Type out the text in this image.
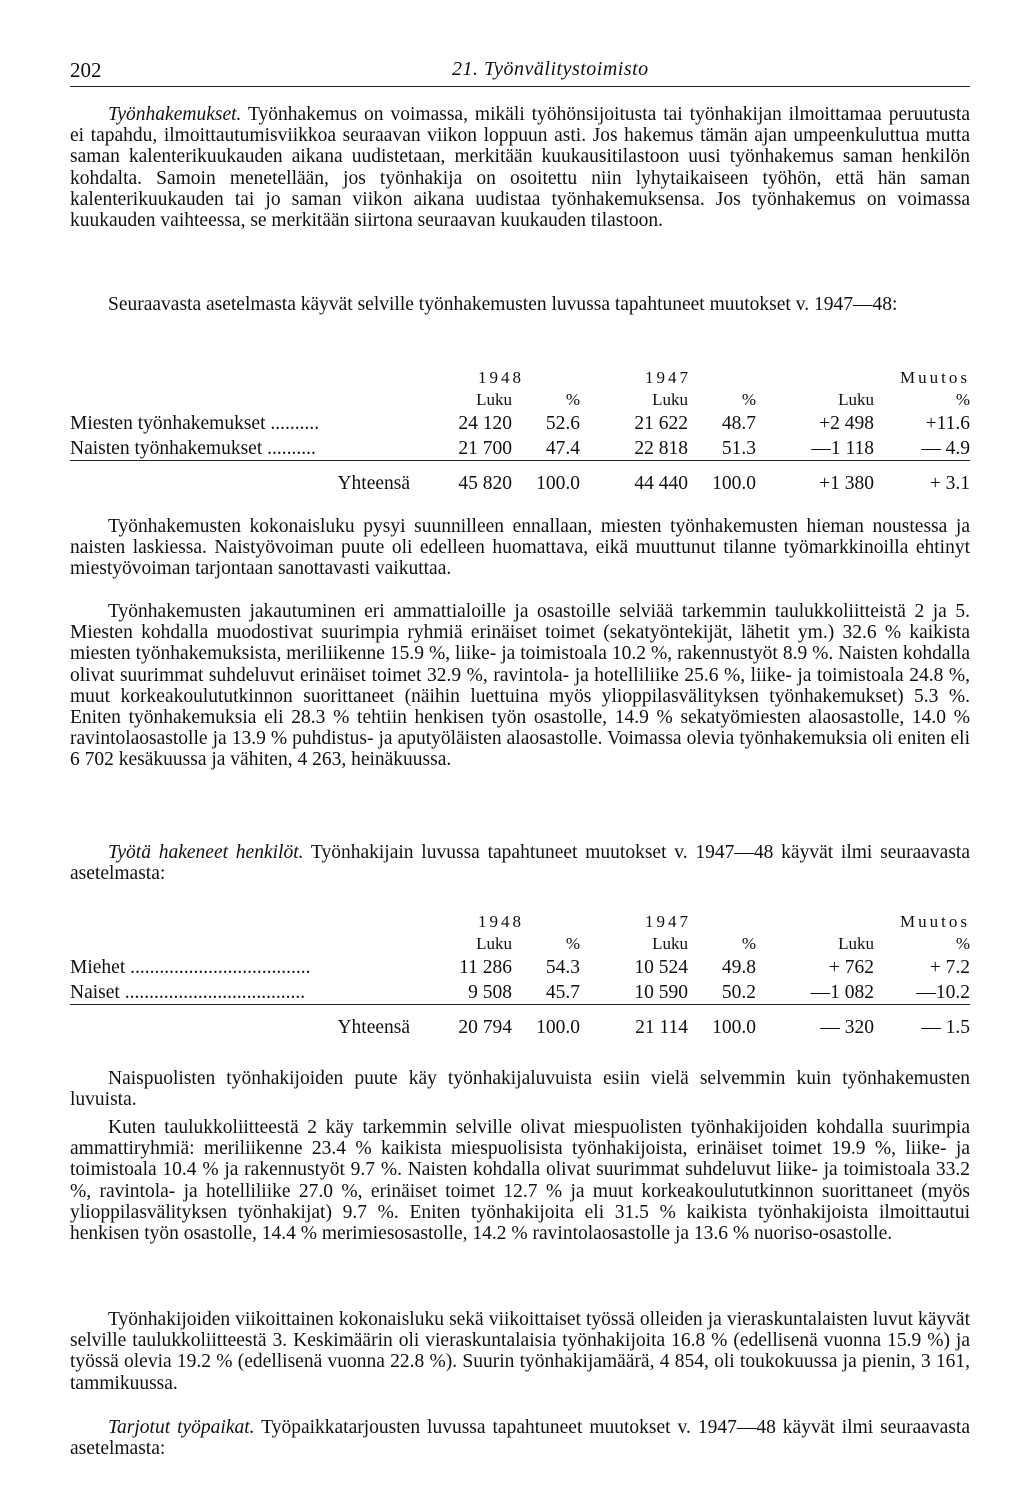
202	21. Työnvälitystoimisto

Työnhakemukset. Työnhakemus on voimassa, mikäli työhönsijoitusta tai työnhakijan ilmoittamaa peruutusta ei tapahdu, ilmoittautumisviikkoa seuraavan viikon loppuun asti. Jos hakemus tämän ajan umpeenkuluttua mutta saman kalenterikuukauden aikana uudistetaan, merkitään kuukausitilastoon uusi työnhakemus saman henkilön kohdalta. Samoin menetellään, jos työnhakija on osoitettu niin lyhytaikaiseen työhön, että hän saman kalenterikuukauden tai jo saman viikon aikana uudistaa työnhakemuksensa. Jos työnhakemus on voimassa kuukauden vaihteessa, se merkitään siirtona seuraavan kuukauden tilastoon.

Seuraavasta asetelmasta käyvät selville työnhakemusten luvussa tapahtuneet muutokset v. 1947—48:

	1948		1947		Muutos	
	Luku	%	Luku	%	Luku	%
Miesten työnhakemukset ..........	24 120	52.6	21 622	48.7	+2 498	+11.6
Naisten työnhakemukset ..........	21 700	47.4	22 818	51.3	—1 118	— 4.9
Yhteensä	45 820	100.0	44 440	100.0	+1 380	+ 3.1

Työnhakemusten kokonaisluku pysyi suunnilleen ennallaan, miesten työnhakemusten hieman noustessa ja naisten laskiessa. Naistyövoiman puute oli edelleen huomattava, eikä muuttunut tilanne työmarkkinoilla ehtinyt miestyövoiman tarjontaan sanottavasti vaikuttaa.

Työnhakemusten jakautuminen eri ammattialoille ja osastoille selviää tarkemmin taulukkoliitteistä 2 ja 5. Miesten kohdalla muodostivat suurimpia ryhmiä erinäiset toimet (sekatyöntekijät, lähetit ym.) 32.6 % kaikista miesten työnhakemuksista, meriliikenne 15.9 %, liike- ja toimistoala 10.2 %, rakennustyöt 8.9 %. Naisten kohdalla olivat suurimmat suhdeluvut erinäiset toimet 32.9 %, ravintola- ja hotelliliike 25.6 %, liike- ja toimistoala 24.8 %, muut korkeakoulututkinnon suorittaneet (näihin luettuina myös ylioppilasvälityksen työnhakemukset) 5.3 %. Eniten työnhakemuksia eli 28.3 % tehtiin henkisen työn osastolle, 14.9 % sekatyömiesten alaosastolle, 14.0 % ravintolaosastolle ja 13.9 % puhdistus- ja aputyöläisten alaosastolle. Voimassa olevia työnhakemuksia oli eniten eli 6 702 kesäkuussa ja vähiten, 4 263, heinäkuussa.

Työtä hakeneet henkilöt. Työnhakijain luvussa tapahtuneet muutokset v. 1947—48 käyvät ilmi seuraavasta asetelmasta:

	1948		1947		Muutos	
	Luku	%	Luku	%	Luku	%
Miehet .....................................	11 286	54.3	10 524	49.8	+ 762	+ 7.2
Naiset .....................................	9 508	45.7	10 590	50.2	—1 082	—10.2
Yhteensä	20 794	100.0	21 114	100.0	— 320	— 1.5

Naispuolisten työnhakijoiden puute käy työnhakijaluvuista esiin vielä selvemmin kuin työnhakemusten luvuista.

Kuten taulukkoliitteestä 2 käy tarkemmin selville olivat miespuolisten työnhakijoiden kohdalla suurimpia ammattiryhmiä: meriliikenne 23.4 % kaikista miespuolisista työnhakijoista, erinäiset toimet 19.9 %, liike- ja toimistoala 10.4 % ja rakennustyöt 9.7 %. Naisten kohdalla olivat suurimmat suhdeluvut liike- ja toimistoala 33.2 %, ravintola- ja hotelliliike 27.0 %, erinäiset toimet 12.7 % ja muut korkeakoulututkinnon suorittaneet (myös ylioppilasvälityksen työnhakijat) 9.7 %. Eniten työnhakijoita eli 31.5 % kaikista työnhakijoista ilmoittautui henkisen työn osastolle, 14.4 % merimiesosastolle, 14.2 % ravintolaosastolle ja 13.6 % nuoriso-osastolle.

Työnhakijoiden viikoittainen kokonaisluku sekä viikoittaiset työssä olleiden ja vieraskuntalaisten luvut käyvät selville taulukkoliitteestä 3. Keskimäärin oli vieraskuntalaisia työnhakijoita 16.8 % (edellisenä vuonna 15.9 %) ja työssä olevia 19.2 % (edellisenä vuonna 22.8 %). Suurin työnhakijamäärä, 4 854, oli toukokuussa ja pienin, 3 161, tammikuussa.

Tarjotut työpaikat. Työpaikkatarjousten luvussa tapahtuneet muutokset v. 1947—48 käyvät ilmi seuraavasta asetelmasta:
